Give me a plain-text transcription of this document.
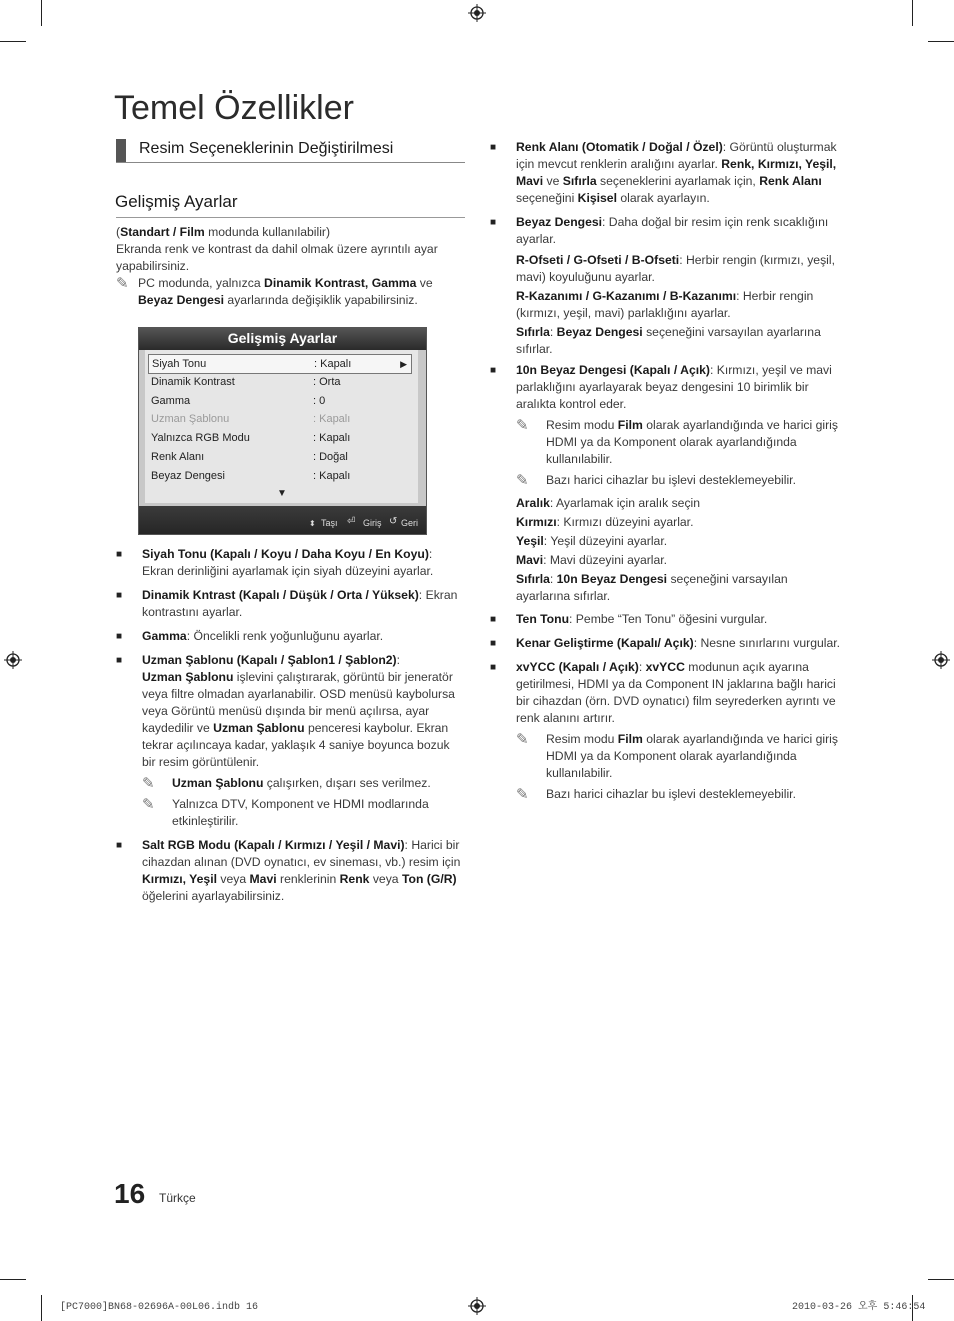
Temel Özellikler
Resim Seçeneklerinin Değiştirilmesi
Gelişmiş Ayarlar
(Standart / Film modunda kullanılabilir)
Ekranda renk ve kontrast da dahil olmak üzere ayrıntılı ayar yapabilirsiniz.
✎ PC modunda, yalnızca Dinamik Kontrast, Gamma ve Beyaz Dengesi ayarlarında değişiklik yapabilirsiniz.
Gelişmiş Ayarlar
Siyah Tonu	: Kapalı	▶
Dinamik Kontrast	: Orta
Gamma	: 0
Uzman Şablonu	: Kapalı
Yalnızca RGB Modu	: Kapalı
Renk Alanı	: Doğal
Beyaz Dengesi	: Kapalı
▼
⬍ Taşı ⏎ Giriş ↺ Geri
■	Siyah Tonu (Kapalı / Koyu / Daha Koyu / En Koyu): Ekran derinliğini ayarlamak için siyah düzeyini ayarlar.
■	Dinamik Kntrast (Kapalı / Düşük / Orta / Yüksek): Ekran kontrastını ayarlar.
■	Gamma: Öncelikli renk yoğunluğunu ayarlar.
■	Uzman Şablonu (Kapalı / Şablon1 / Şablon2):
Uzman Şablonu işlevini çalıştırarak, görüntü bir jeneratör veya filtre olmadan ayarlanabilir. OSD menüsü kaybolursa veya Görüntü menüsü dışında bir menü açılırsa, ayar kaydedilir ve Uzman Şablonu penceresi kaybolur. Ekran tekrar açılıncaya kadar, yaklaşık 4 saniye boyunca bozuk bir resim görüntülenir.
✎	Uzman Şablonu çalışırken, dışarı ses verilmez.
✎	Yalnızca DTV, Komponent ve HDMI modlarında etkinleştirilir.
■	Salt RGB Modu (Kapalı / Kırmızı / Yeşil / Mavi): Harici bir cihazdan alınan (DVD oynatıcı, ev sineması, vb.) resim için Kırmızı, Yeşil veya Mavi renklerinin Renk veya Ton (G/R) öğelerini ayarlayabilirsiniz.
■	Renk Alanı (Otomatik / Doğal / Özel): Görüntü oluşturmak için mevcut renklerin aralığını ayarlar. Renk, Kırmızı, Yeşil, Mavi ve Sıfırla seçeneklerini ayarlamak için, Renk Alanı seçeneğini Kişisel olarak ayarlayın.
■	Beyaz Dengesi: Daha doğal bir resim için renk sıcaklığını ayarlar.
R-Ofseti / G-Ofseti / B-Ofseti: Herbir rengin (kırmızı, yeşil, mavi) koyuluğunu ayarlar.
R-Kazanımı / G-Kazanımı / B-Kazanımı: Herbir rengin (kırmızı, yeşil, mavi) parlaklığını ayarlar.
Sıfırla: Beyaz Dengesi seçeneğini varsayılan ayarlarına sıfırlar.
■	10n Beyaz Dengesi (Kapalı / Açık): Kırmızı, yeşil ve mavi parlaklığını ayarlayarak beyaz dengesini 10 birimlik bir aralıkta kontrol eder.
✎	Resim modu Film olarak ayarlandığında ve harici giriş HDMI ya da Komponent olarak ayarlandığında kullanılabilir.
✎	Bazı harici cihazlar bu işlevi desteklemeyebilir.
Aralık: Ayarlamak için aralık seçin
Kırmızı: Kırmızı düzeyini ayarlar.
Yeşil: Yeşil düzeyini ayarlar.
Mavi: Mavi düzeyini ayarlar.
Sıfırla: 10n Beyaz Dengesi seçeneğini varsayılan ayarlarına sıfırlar.
■	Ten Tonu: Pembe “Ten Tonu” öğesini vurgular.
■	Kenar Geliştirme (Kapalı/ Açık): Nesne sınırlarını vurgular.
■	xvYCC (Kapalı / Açık): xvYCC modunun açık ayarına getirilmesi, HDMI ya da Component IN jaklarına bağlı harici bir cihazdan (örn. DVD oynatıcı) film seyrederken ayrıntı ve renk alanını artırır.
✎	Resim modu Film olarak ayarlandığında ve harici giriş HDMI ya da Komponent olarak ayarlandığında kullanılabilir.
✎	Bazı harici cihazlar bu işlevi desteklemeyebilir.
16 Türkçe
[PC7000]BN68-02696A-00L06.indb 16	2010-03-26 오후 5:46:54
